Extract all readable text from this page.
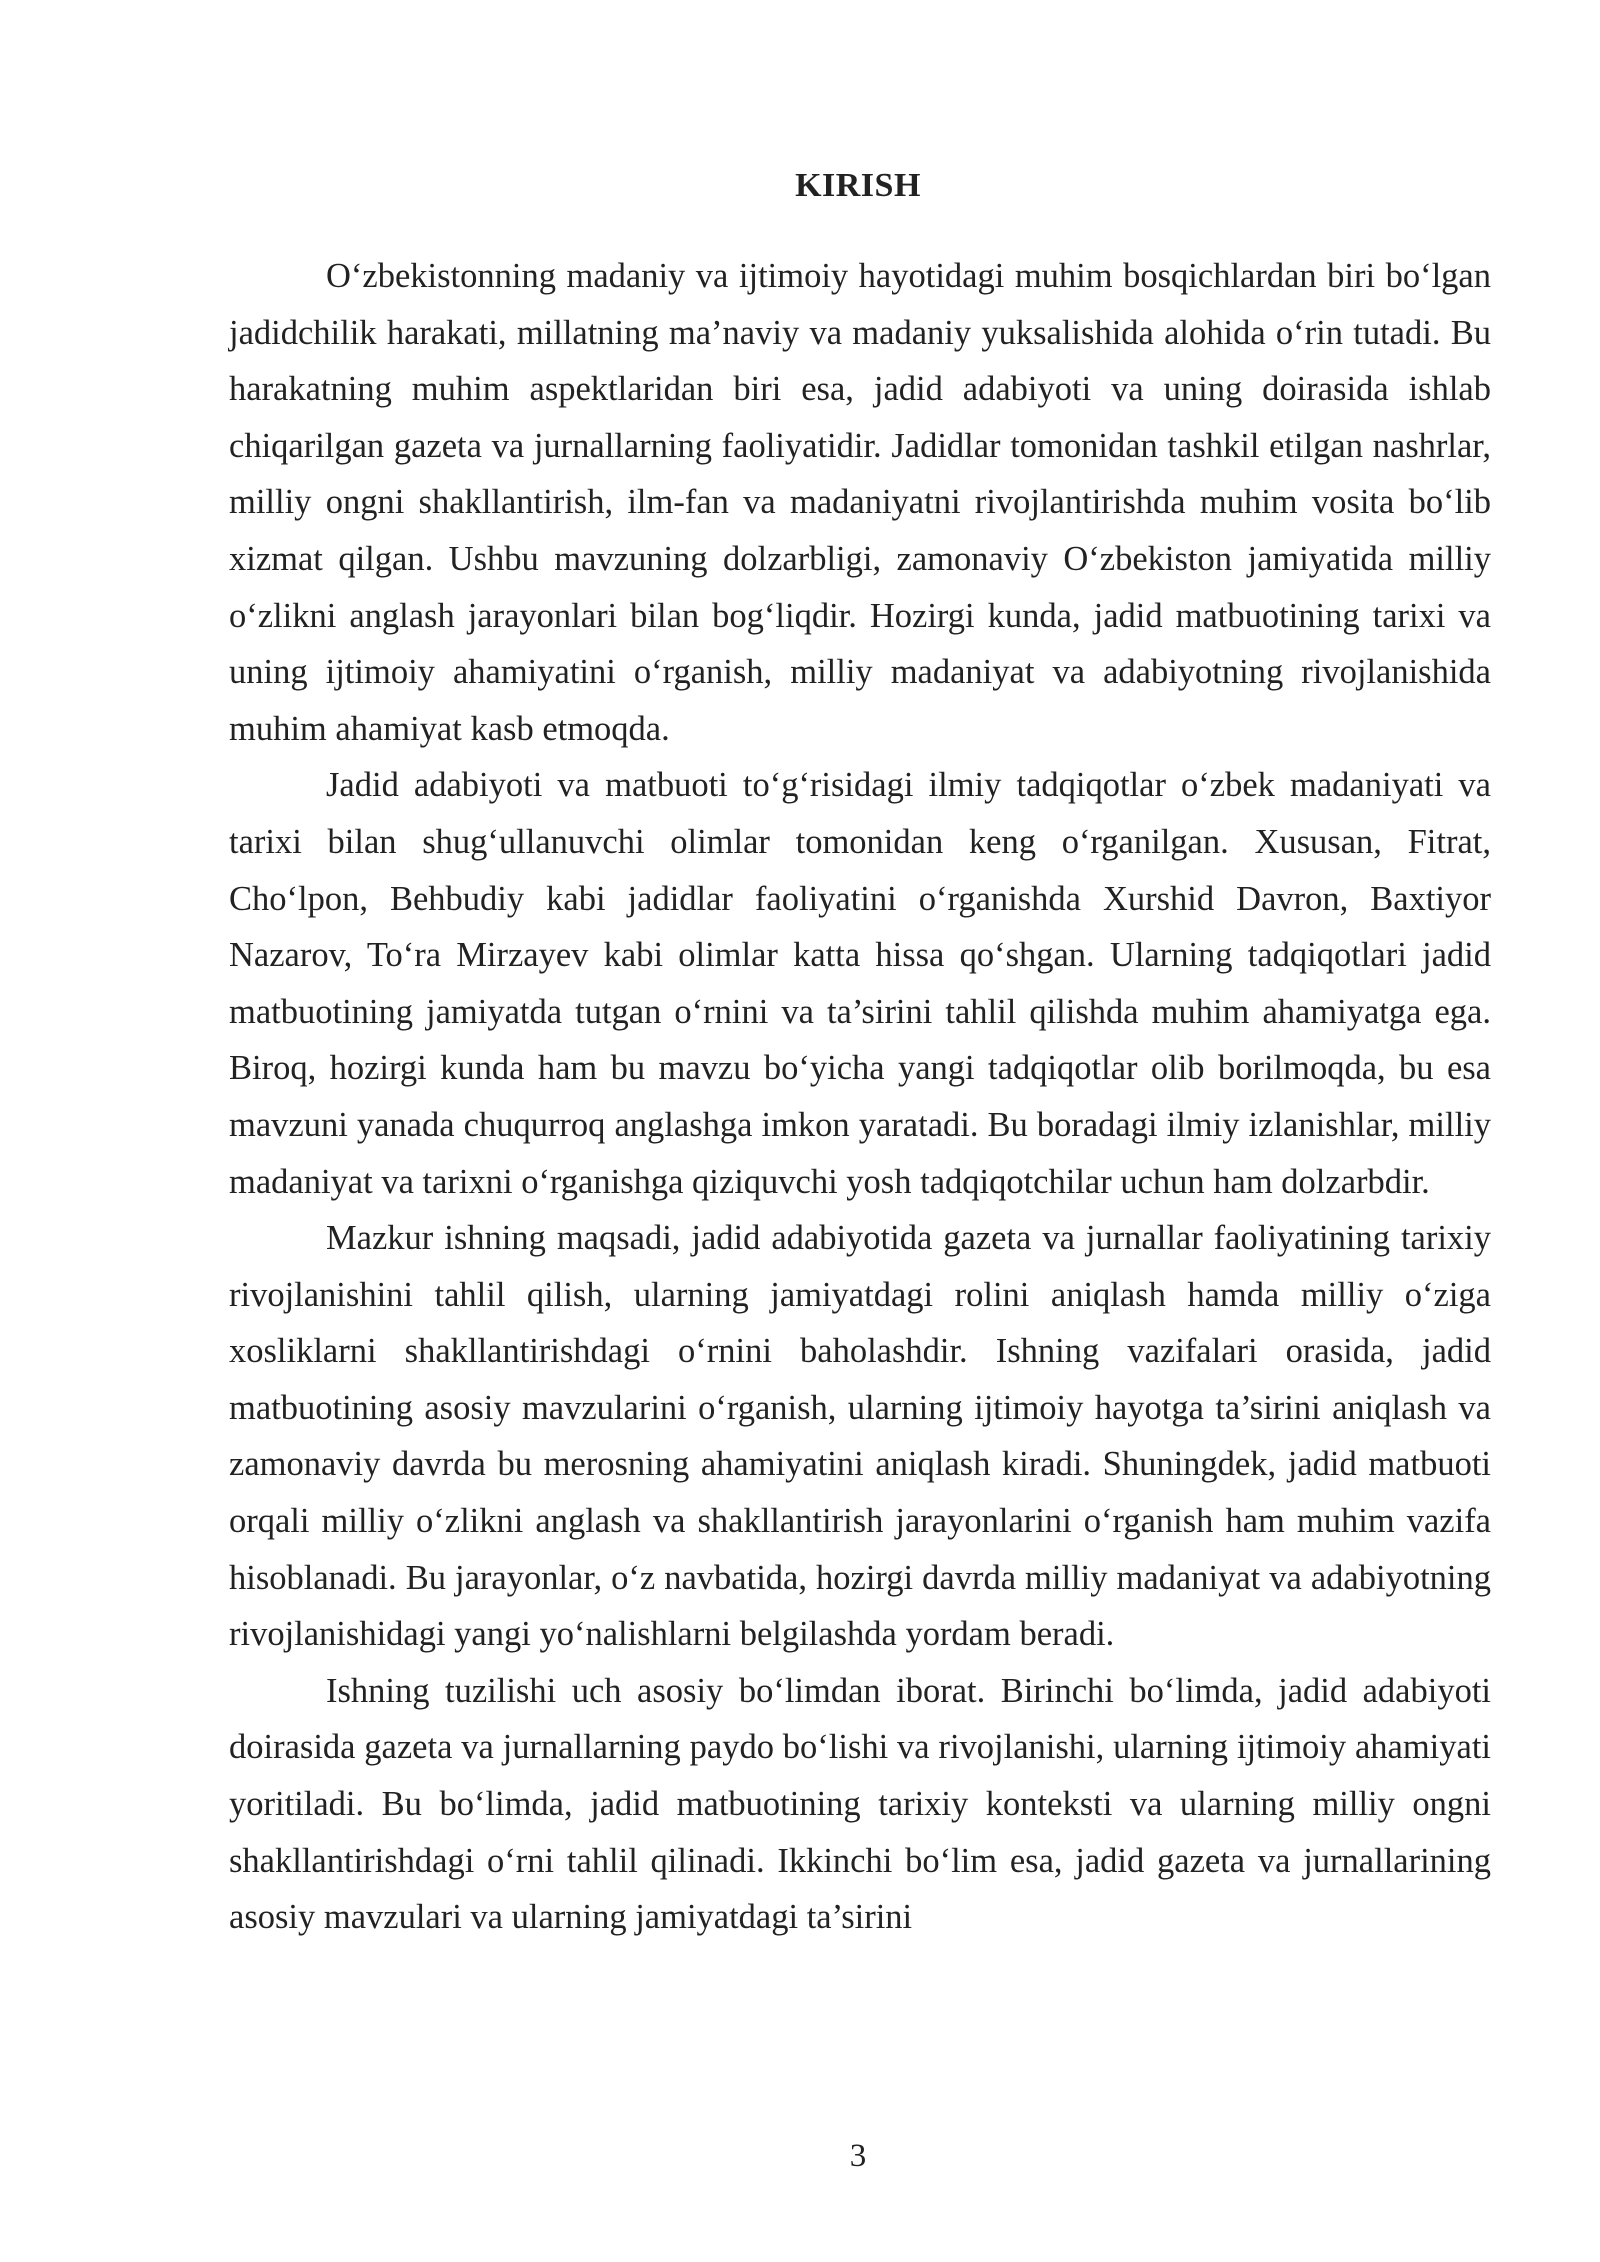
KIRISH

O‘zbekistonning madaniy va ijtimoiy hayotidagi muhim bosqichlardan biri bo‘lgan jadidchilik harakati, millatning ma’naviy va madaniy yuksalishida alohida o‘rin tutadi. Bu harakatning muhim aspektlaridan biri esa, jadid adabiyoti va uning doirasida ishlab chiqarilgan gazeta va jurnallarning faoliyatidir. Jadidlar tomonidan tashkil etilgan nashrlar, milliy ongni shakllantirish, ilm-fan va madaniyatni rivojlantirishda muhim vosita bo‘lib xizmat qilgan. Ushbu mavzuning dolzarbligi, zamonaviy O‘zbekiston jamiyatida milliy o‘zlikni anglash jarayonlari bilan bog‘liqdir. Hozirgi kunda, jadid matbuotining tarixi va uning ijtimoiy ahamiyatini o‘rganish, milliy madaniyat va adabiyotning rivojlanishida muhim ahamiyat kasb etmoqda.

Jadid adabiyoti va matbuoti to‘g‘risidagi ilmiy tadqiqotlar o‘zbek madaniyati va tarixi bilan shug‘ullanuvchi olimlar tomonidan keng o‘rganilgan. Xususan, Fitrat, Cho‘lpon, Behbudiy kabi jadidlar faoliyatini o‘rganishda Xurshid Davron, Baxtiyor Nazarov, To‘ra Mirzayev kabi olimlar katta hissa qo‘shgan. Ularning tadqiqotlari jadid matbuotining jamiyatda tutgan o‘rnini va ta’sirini tahlil qilishda muhim ahamiyatga ega. Biroq, hozirgi kunda ham bu mavzu bo‘yicha yangi tadqiqotlar olib borilmoqda, bu esa mavzuni yanada chuqurroq anglashga imkon yaratadi. Bu boradagi ilmiy izlanishlar, milliy madaniyat va tarixni o‘rganishga qiziquvchi yosh tadqiqotchilar uchun ham dolzarbdir.

Mazkur ishning maqsadi, jadid adabiyotida gazeta va jurnallar faoliyatining tarixiy rivojlanishini tahlil qilish, ularning jamiyatdagi rolini aniqlash hamda milliy o‘ziga xosliklarni shakllantirishdagi o‘rnini baholashdir. Ishning vazifalari orasida, jadid matbuotining asosiy mavzularini o‘rganish, ularning ijtimoiy hayotga ta’sirini aniqlash va zamonaviy davrda bu merosning ahamiyatini aniqlash kiradi. Shuningdek, jadid matbuoti orqali milliy o‘zlikni anglash va shakllantirish jarayonlarini o‘rganish ham muhim vazifa hisoblanadi. Bu jarayonlar, o‘z navbatida, hozirgi davrda milliy madaniyat va adabiyotning rivojlanishidagi yangi yo‘nalishlarni belgilashda yordam beradi.

Ishning tuzilishi uch asosiy bo‘limdan iborat. Birinchi bo‘limda, jadid adabiyoti doirasida gazeta va jurnallarning paydo bo‘lishi va rivojlanishi, ularning ijtimoiy ahamiyati yoritiladi. Bu bo‘limda, jadid matbuotining tarixiy konteksti va ularning milliy ongni shakllantirishdagi o‘rni tahlil qilinadi. Ikkinchi bo‘lim esa, jadid gazeta va jurnallarining asosiy mavzulari va ularning jamiyatdagi ta’sirini

3
